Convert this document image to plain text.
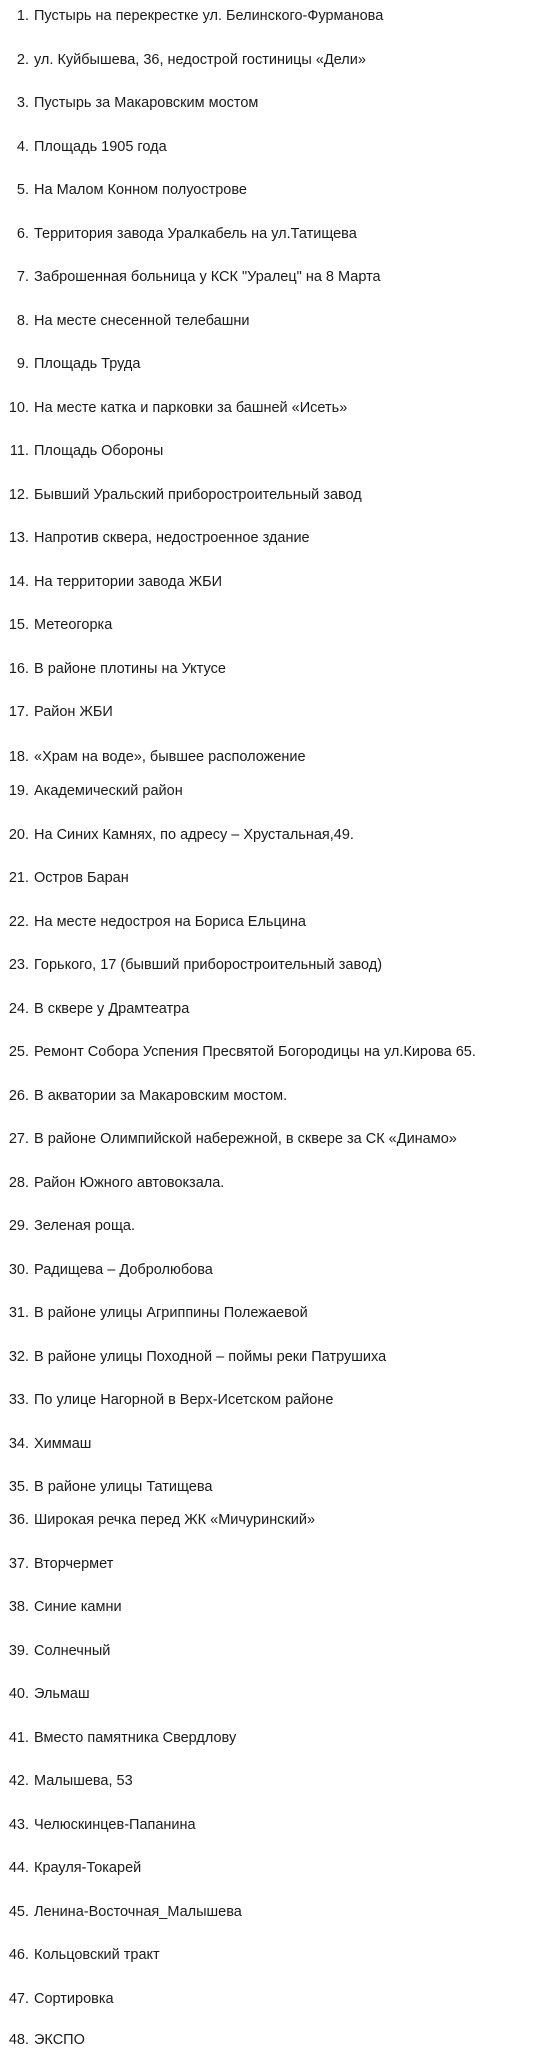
1. Пустырь на перекрестке ул. Белинского-Фурманова
2. ул. Куйбышева, 36, недострой гостиницы «Дели»
3. Пустырь за Макаровским мостом
4. Площадь 1905 года
5. На Малом Конном полуострове
6. Территория завода Уралкабель на ул.Татищева
7. Заброшенная больница у КСК "Уралец" на 8 Марта
8. На месте снесенной телебашни
9. Площадь Труда
10. На месте катка и парковки за башней «Исеть»
11. Площадь Обороны
12. Бывший Уральский приборостроительный завод
13. Напротив сквера, недостроенное здание
14. На территории завода ЖБИ
15. Метеогорка
16. В районе плотины на Уктусе
17. Район ЖБИ
18. «Храм на воде», бывшее расположение
19. Академический район
20. На Синих Камнях, по адресу – Хрустальная,49.
21. Остров Баран
22. На месте недостроя на Бориса Ельцина
23. Горького, 17 (бывший приборостроительный завод)
24. В сквере у Драмтеатра
25. Ремонт Собора Успения Пресвятой Богородицы на ул.Кирова 65.
26. В акватории за Макаровским мостом.
27. В районе Олимпийской набережной, в сквере за СК «Динамо»
28. Район Южного автовокзала.
29. Зеленая роща.
30. Радищева – Добролюбова
31. В районе улицы Агриппины Полежаевой
32. В районе улицы Походной – поймы реки Патрушиха
33. По улице Нагорной в Верх-Исетском районе
34. Химмаш
35. В районе улицы Татищева
36. Широкая речка перед ЖК «Мичуринский»
37. Вторчермет
38. Синие камни
39. Солнечный
40. Эльмаш
41. Вместо памятника Свердлову
42. Малышева, 53
43. Челюскинцев-Папанина
44. Крауля-Токарей
45. Ленина-Восточная_Малышева
46. Кольцовский тракт
47. Сортировка
48. ЭКСПО
